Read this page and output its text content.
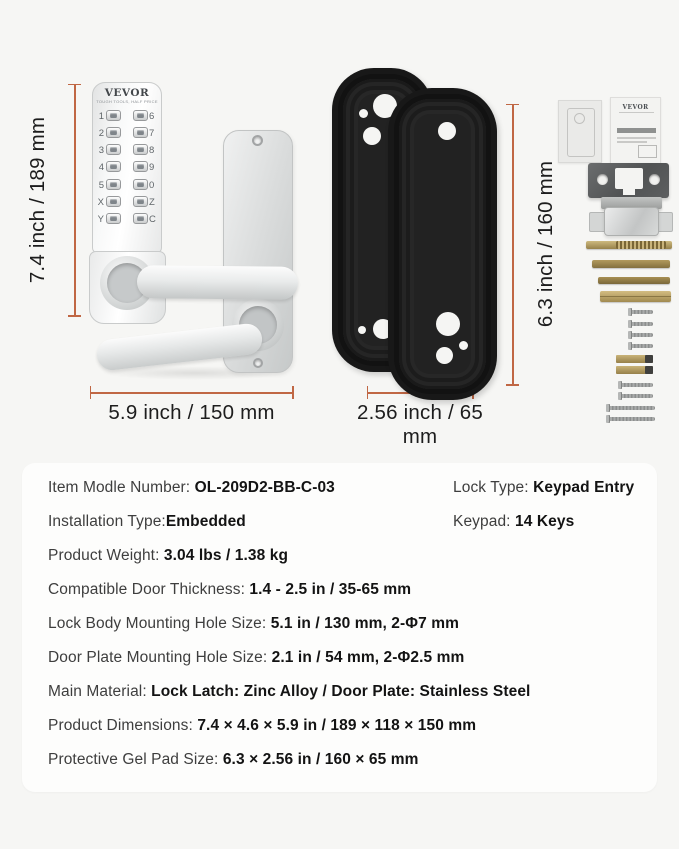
7.4 inch / 189 mm
VEVOR
TOUGH TOOLS, HALF PRICE
1	6
2	7
3	8
4	9
5	0
X	Z
Y	C
5.9 inch / 150 mm
6.3 inch / 160 mm
2.56 inch / 65 mm
VEVOR
Item Modle Number: OL-209D2-BB-C-03
Installation Type:Embedded
Product Weight: 3.04 lbs / 1.38 kg
Compatible Door Thickness: 1.4 - 2.5 in / 35-65 mm
Lock Body Mounting Hole Size: 5.1 in / 130 mm, 2-Φ7 mm
Door Plate Mounting Hole Size: 2.1 in / 54 mm, 2-Φ2.5 mm
Main Material: Lock Latch: Zinc Alloy / Door Plate: Stainless Steel
Product Dimensions: 7.4 × 4.6 × 5.9 in / 189 × 118 × 150 mm
Protective Gel Pad Size: 6.3 × 2.56 in / 160 × 65 mm
Lock Type: Keypad Entry
Keypad: 14 Keys
